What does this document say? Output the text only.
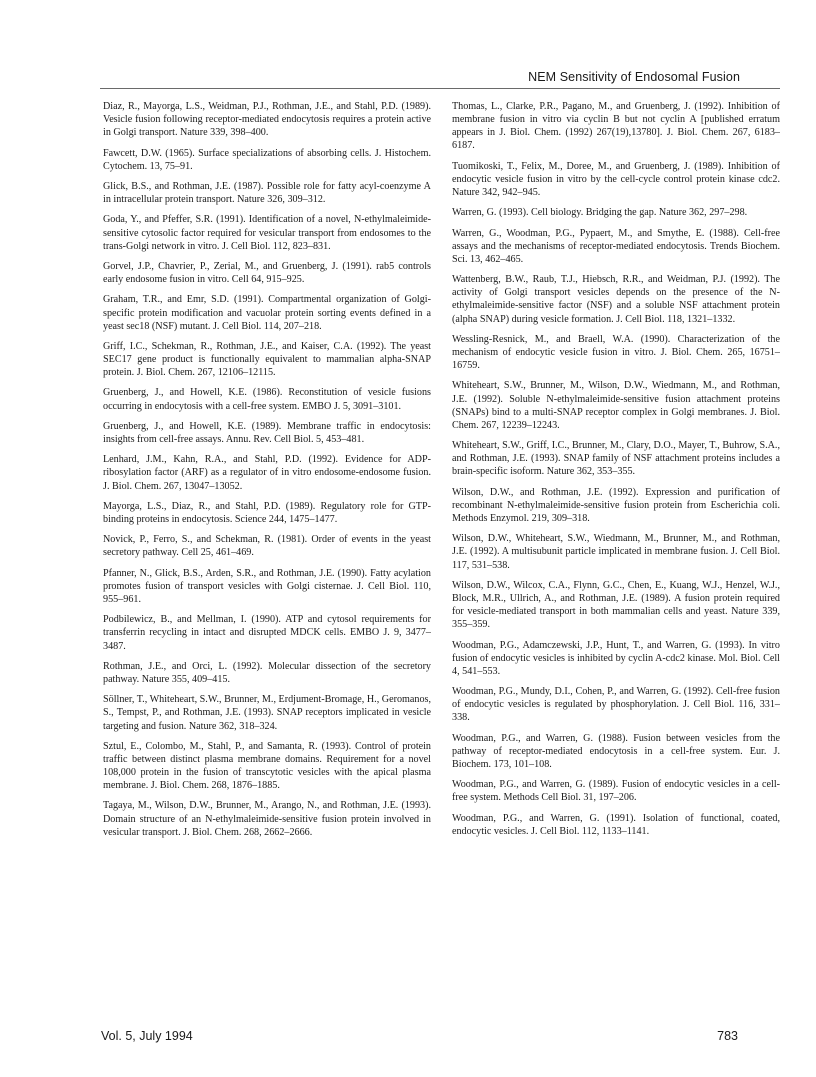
NEM Sensitivity of Endosomal Fusion

Diaz, R., Mayorga, L.S., Weidman, P.J., Rothman, J.E., and Stahl, P.D. (1989). Vesicle fusion following receptor-mediated endocytosis requires a protein active in Golgi transport. Nature 339, 398–400.

Fawcett, D.W. (1965). Surface specializations of absorbing cells. J. Histochem. Cytochem. 13, 75–91.

Glick, B.S., and Rothman, J.E. (1987). Possible role for fatty acyl-coenzyme A in intracellular protein transport. Nature 326, 309–312.

Goda, Y., and Pfeffer, S.R. (1991). Identification of a novel, N-ethylmaleimide-sensitive cytosolic factor required for vesicular transport from endosomes to the trans-Golgi network in vitro. J. Cell Biol. 112, 823–831.

Gorvel, J.P., Chavrier, P., Zerial, M., and Gruenberg, J. (1991). rab5 controls early endosome fusion in vitro. Cell 64, 915–925.

Graham, T.R., and Emr, S.D. (1991). Compartmental organization of Golgi-specific protein modification and vacuolar protein sorting events defined in a yeast sec18 (NSF) mutant. J. Cell Biol. 114, 207–218.

Griff, I.C., Schekman, R., Rothman, J.E., and Kaiser, C.A. (1992). The yeast SEC17 gene product is functionally equivalent to mammalian alpha-SNAP protein. J. Biol. Chem. 267, 12106–12115.

Gruenberg, J., and Howell, K.E. (1986). Reconstitution of vesicle fusions occurring in endocytosis with a cell-free system. EMBO J. 5, 3091–3101.

Gruenberg, J., and Howell, K.E. (1989). Membrane traffic in endocytosis: insights from cell-free assays. Annu. Rev. Cell Biol. 5, 453–481.

Lenhard, J.M., Kahn, R.A., and Stahl, P.D. (1992). Evidence for ADP-ribosylation factor (ARF) as a regulator of in vitro endosome-endosome fusion. J. Biol. Chem. 267, 13047–13052.

Mayorga, L.S., Diaz, R., and Stahl, P.D. (1989). Regulatory role for GTP-binding proteins in endocytosis. Science 244, 1475–1477.

Novick, P., Ferro, S., and Schekman, R. (1981). Order of events in the yeast secretory pathway. Cell 25, 461–469.

Pfanner, N., Glick, B.S., Arden, S.R., and Rothman, J.E. (1990). Fatty acylation promotes fusion of transport vesicles with Golgi cisternae. J. Cell Biol. 110, 955–961.

Podbilewicz, B., and Mellman, I. (1990). ATP and cytosol requirements for transferrin recycling in intact and disrupted MDCK cells. EMBO J. 9, 3477–3487.

Rothman, J.E., and Orci, L. (1992). Molecular dissection of the secretory pathway. Nature 355, 409–415.

Söllner, T., Whiteheart, S.W., Brunner, M., Erdjument-Bromage, H., Geromanos, S., Tempst, P., and Rothman, J.E. (1993). SNAP receptors implicated in vesicle targeting and fusion. Nature 362, 318–324.

Sztul, E., Colombo, M., Stahl, P., and Samanta, R. (1993). Control of protein traffic between distinct plasma membrane domains. Requirement for a novel 108,000 protein in the fusion of transcytotic vesicles with the apical plasma membrane. J. Biol. Chem. 268, 1876–1885.

Tagaya, M., Wilson, D.W., Brunner, M., Arango, N., and Rothman, J.E. (1993). Domain structure of an N-ethylmaleimide-sensitive fusion protein involved in vesicular transport. J. Biol. Chem. 268, 2662–2666.

Thomas, L., Clarke, P.R., Pagano, M., and Gruenberg, J. (1992). Inhibition of membrane fusion in vitro via cyclin B but not cyclin A [published erratum appears in J. Biol. Chem. (1992) 267(19),13780]. J. Biol. Chem. 267, 6183–6187.

Tuomikoski, T., Felix, M., Doree, M., and Gruenberg, J. (1989). Inhibition of endocytic vesicle fusion in vitro by the cell-cycle control protein kinase cdc2. Nature 342, 942–945.

Warren, G. (1993). Cell biology. Bridging the gap. Nature 362, 297–298.

Warren, G., Woodman, P.G., Pypaert, M., and Smythe, E. (1988). Cell-free assays and the mechanisms of receptor-mediated endocytosis. Trends Biochem. Sci. 13, 462–465.

Wattenberg, B.W., Raub, T.J., Hiebsch, R.R., and Weidman, P.J. (1992). The activity of Golgi transport vesicles depends on the presence of the N-ethylmaleimide-sensitive factor (NSF) and a soluble NSF attachment protein (alpha SNAP) during vesicle formation. J. Cell Biol. 118, 1321–1332.

Wessling-Resnick, M., and Braell, W.A. (1990). Characterization of the mechanism of endocytic vesicle fusion in vitro. J. Biol. Chem. 265, 16751–16759.

Whiteheart, S.W., Brunner, M., Wilson, D.W., Wiedmann, M., and Rothman, J.E. (1992). Soluble N-ethylmaleimide-sensitive fusion attachment proteins (SNAPs) bind to a multi-SNAP receptor complex in Golgi membranes. J. Biol. Chem. 267, 12239–12243.

Whiteheart, S.W., Griff, I.C., Brunner, M., Clary, D.O., Mayer, T., Buhrow, S.A., and Rothman, J.E. (1993). SNAP family of NSF attachment proteins includes a brain-specific isoform. Nature 362, 353–355.

Wilson, D.W., and Rothman, J.E. (1992). Expression and purification of recombinant N-ethylmaleimide-sensitive fusion protein from Escherichia coli. Methods Enzymol. 219, 309–318.

Wilson, D.W., Whiteheart, S.W., Wiedmann, M., Brunner, M., and Rothman, J.E. (1992). A multisubunit particle implicated in membrane fusion. J. Cell Biol. 117, 531–538.

Wilson, D.W., Wilcox, C.A., Flynn, G.C., Chen, E., Kuang, W.J., Henzel, W.J., Block, M.R., Ullrich, A., and Rothman, J.E. (1989). A fusion protein required for vesicle-mediated transport in both mammalian cells and yeast. Nature 339, 355–359.

Woodman, P.G., Adamczewski, J.P., Hunt, T., and Warren, G. (1993). In vitro fusion of endocytic vesicles is inhibited by cyclin A-cdc2 kinase. Mol. Biol. Cell 4, 541–553.

Woodman, P.G., Mundy, D.I., Cohen, P., and Warren, G. (1992). Cell-free fusion of endocytic vesicles is regulated by phosphorylation. J. Cell Biol. 116, 331–338.

Woodman, P.G., and Warren, G. (1988). Fusion between vesicles from the pathway of receptor-mediated endocytosis in a cell-free system. Eur. J. Biochem. 173, 101–108.

Woodman, P.G., and Warren, G. (1989). Fusion of endocytic vesicles in a cell-free system. Methods Cell Biol. 31, 197–206.

Woodman, P.G., and Warren, G. (1991). Isolation of functional, coated, endocytic vesicles. J. Cell Biol. 112, 1133–1141.

Vol. 5, July 1994	783
